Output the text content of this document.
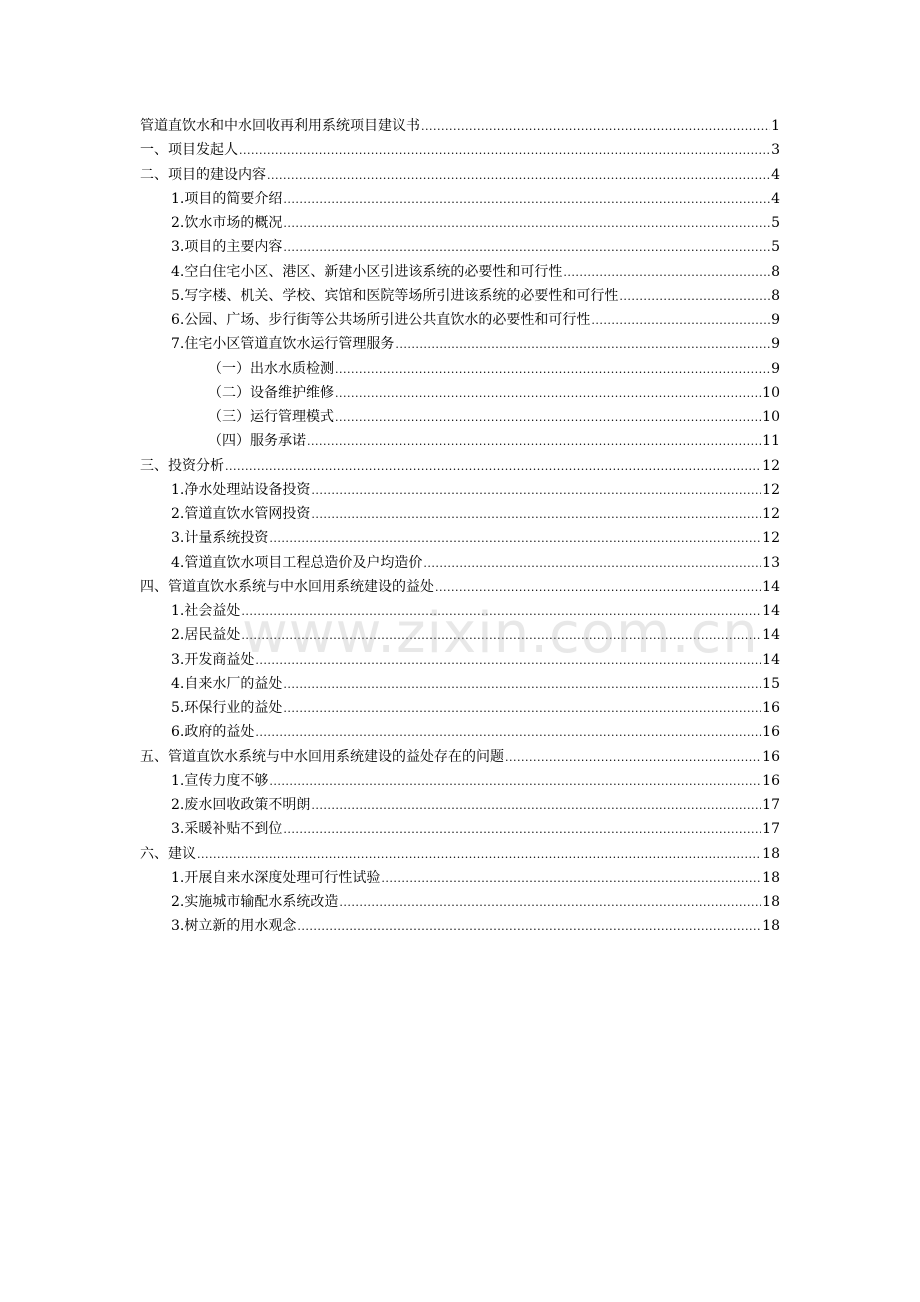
管道直饮水和中水回收再利用系统项目建议书 .....	1
一、项目发起人 .....	3
二、项目的建设内容 .....	4
1.项目的简要介绍 .....	4
2.饮水市场的概况 .....	5
3.项目的主要内容 .....	5
4.空白住宅小区、港区、新建小区引进该系统的必要性和可行性 .....	8
5.写字楼、机关、学校、宾馆和医院等场所引进该系统的必要性和可行性 .....	8
6.公园、广场、步行街等公共场所引进公共直饮水的必要性和可行性 .....	9
7.住宅小区管道直饮水运行管理服务 .....	9
（一）出水水质检测 .....	9
（二）设备维护维修 .....	10
（三）运行管理模式 .....	10
（四）服务承诺 .....	11
三、投资分析 .....	12
1.净水处理站设备投资 .....	12
2.管道直饮水管网投资 .....	12
3.计量系统投资 .....	12
4.管道直饮水项目工程总造价及户均造价 .....	13
四、管道直饮水系统与中水回用系统建设的益处 .....	14
1.社会益处 .....	14
2.居民益处 .....	14
3.开发商益处 .....	14
4.自来水厂的益处 .....	15
5.环保行业的益处 .....	16
6.政府的益处 .....	16
五、管道直饮水系统与中水回用系统建设的益处存在的问题 .....	16
1.宣传力度不够 .....	16
2.废水回收政策不明朗 .....	17
3.采暖补贴不到位 .....	17
六、建议 .....	18
1.开展自来水深度处理可行性试验 .....	18
2.实施城市输配水系统改造 .....	18
3.树立新的用水观念 .....	18
www.zixin.com.cn
